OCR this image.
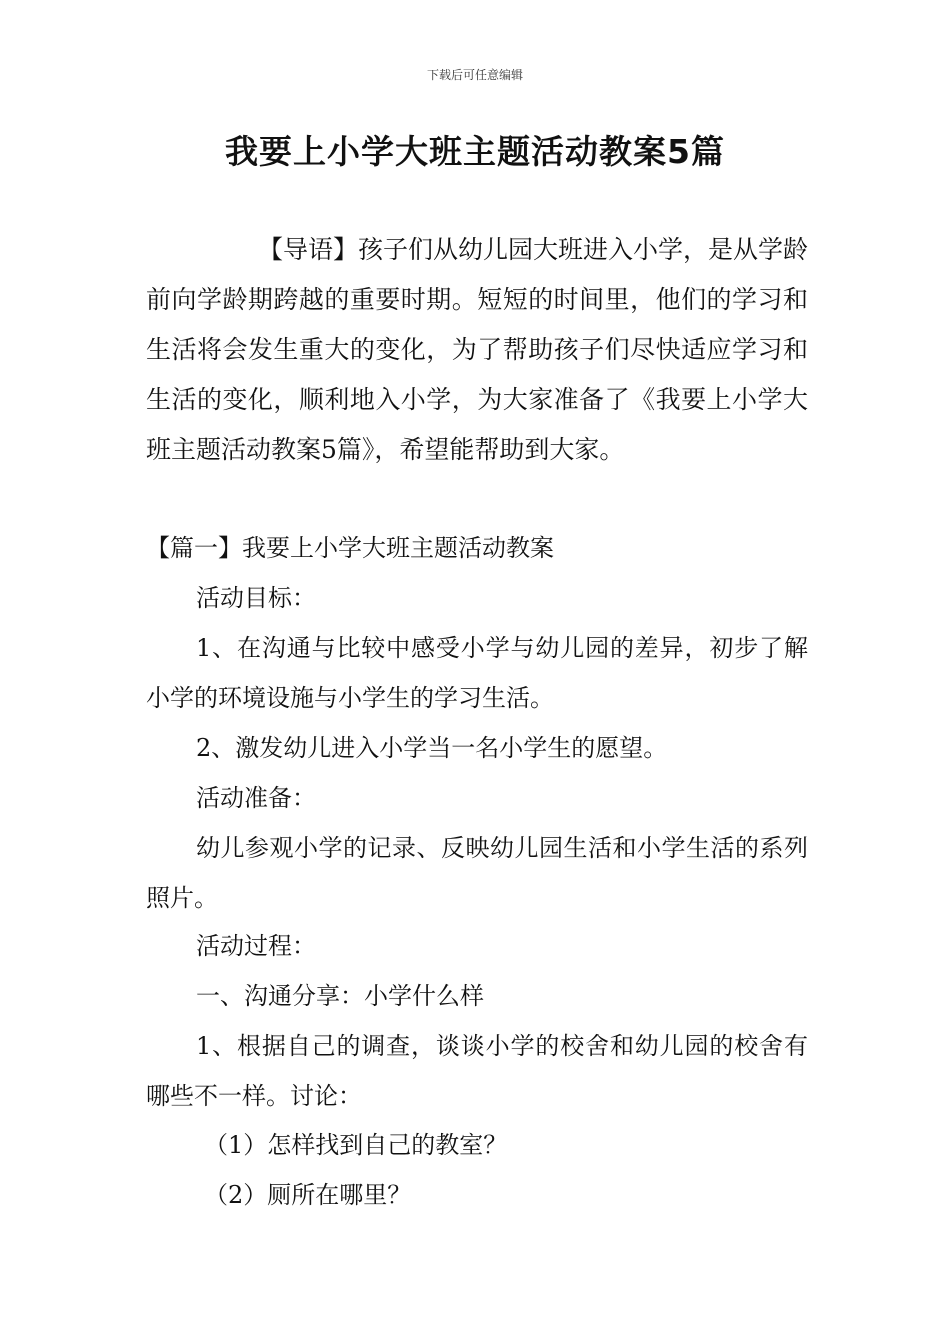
下载后可任意编辑
我要上小学大班主题活动教案5篇

【导语】孩子们从幼儿园大班进入小学，是从学龄前向学龄期跨越的重要时期。短短的时间里，他们的学习和生活将会发生重大的变化，为了帮助孩子们尽快适应学习和生活的变化，顺利地入小学，为大家准备了《我要上小学大班主题活动教案5篇》，希望能帮助到大家。

【篇一】我要上小学大班主题活动教案
活动目标：

1、在沟通与比较中感受小学与幼儿园的差异，初步了解小学的环境设施与小学生的学习生活。

2、激发幼儿进入小学当一名小学生的愿望。
活动准备：

幼儿参观小学的记录、反映幼儿园生活和小学生活的系列照片。

活动过程：
一、沟通分享：小学什么样

1、根据自己的调查，谈谈小学的校舍和幼儿园的校舍有哪些不一样。讨论：

（1）怎样找到自己的教室？
（2）厕所在哪里？
